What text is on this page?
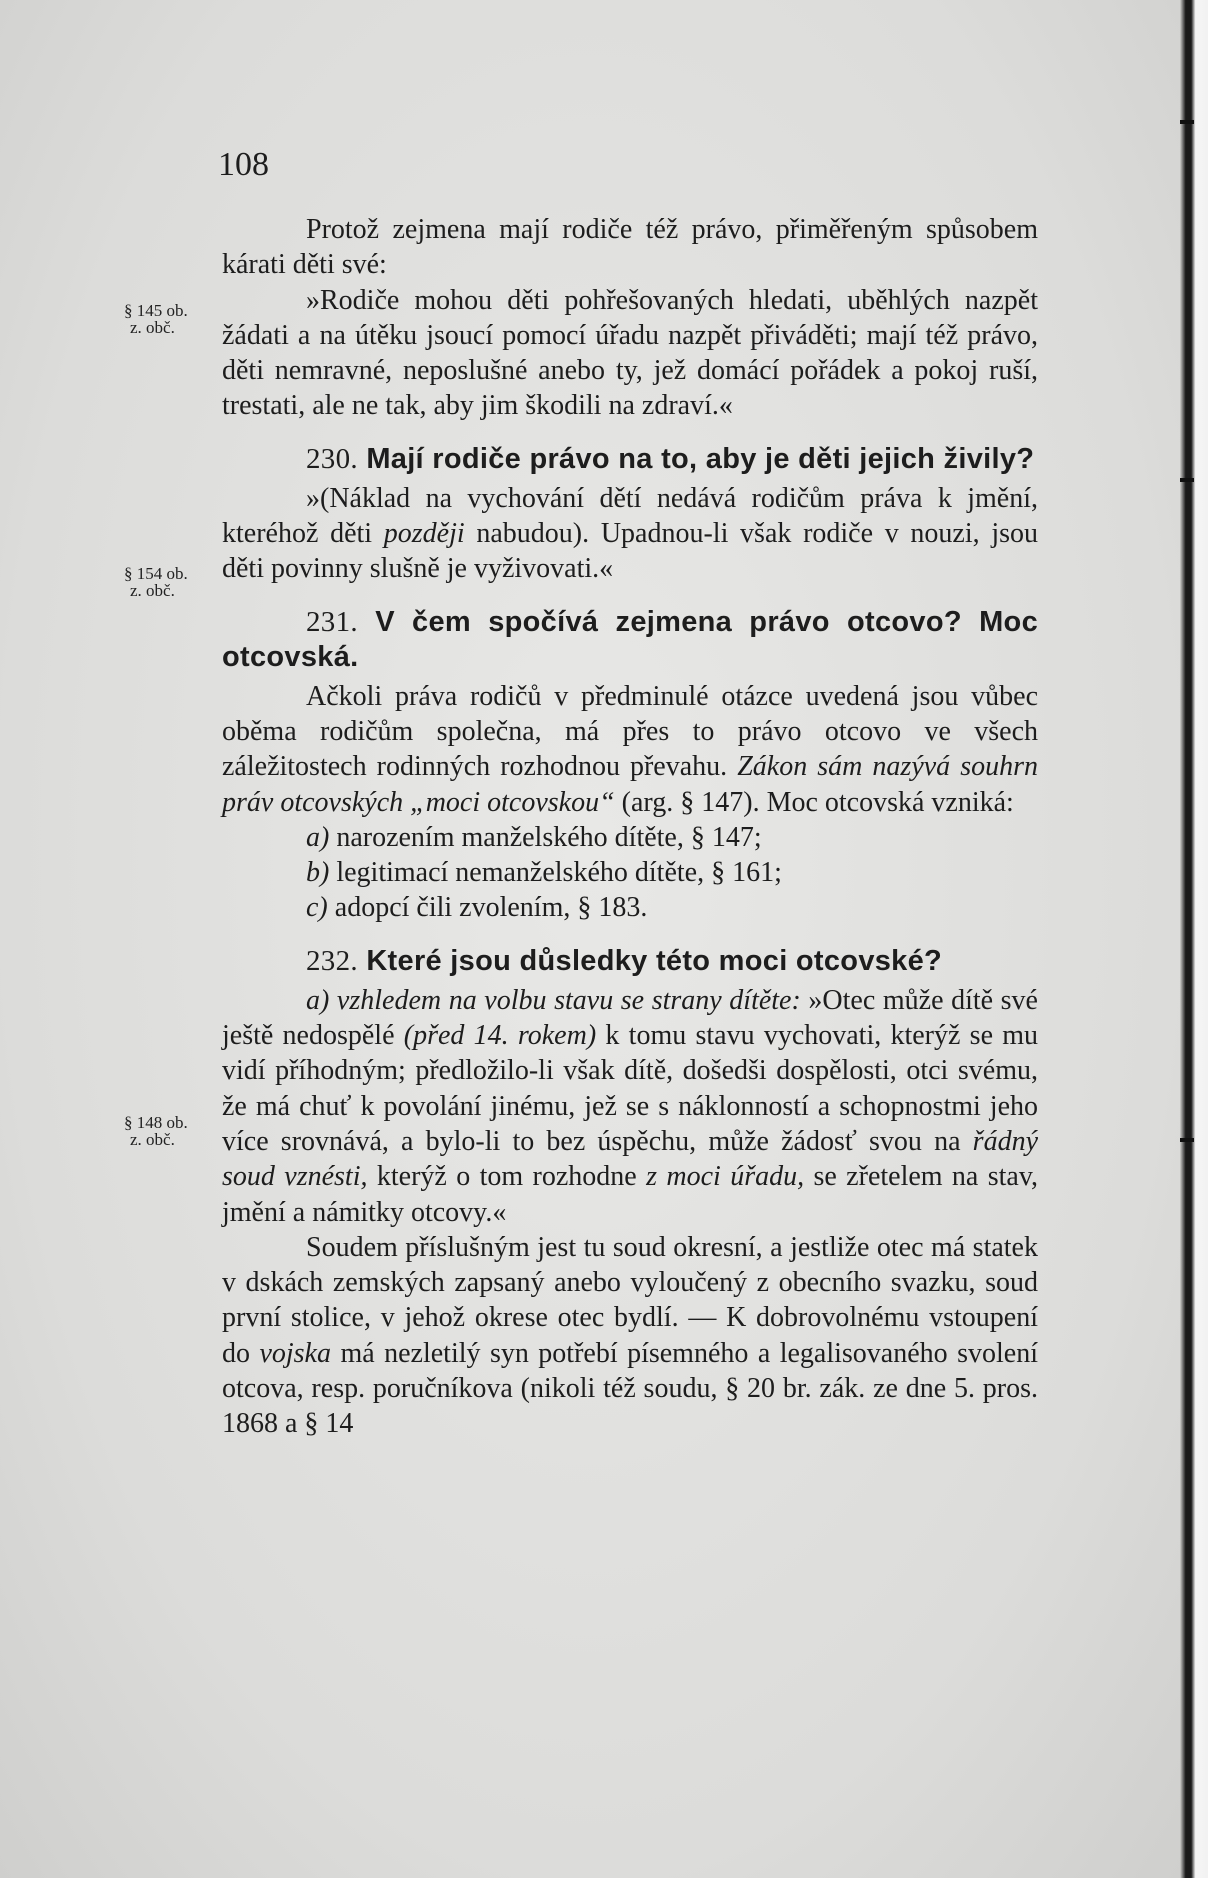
108
§ 145 ob.
z. obč.
§ 154 ob.
z. obč.
§ 148 ob.
z. obč.

Protož zejmena mají rodiče též právo, přiměřeným spůsobem kárati děti své:

»Rodiče mohou děti pohřešovaných hledati, uběhlých nazpět žádati a na útěku jsoucí pomocí úřadu nazpět přiváděti; mají též právo, děti nemravné, neposlušné anebo ty, jež domácí pořádek a pokoj ruší, trestati, ale ne tak, aby jim škodili na zdraví.«

230. Mají rodiče právo na to, aby je děti jejich živily?

»(Náklad na vychování dětí nedává rodičům práva k jmění, kteréhož děti později nabudou). Upadnou-li však rodiče v nouzi, jsou děti povinny slušně je vyživovati.«

231. V čem spočívá zejmena právo otcovo? Moc otcovská.

Ačkoli práva rodičů v předminulé otázce uvedená jsou vůbec oběma rodičům společna, má přes to právo otcovo ve všech záležitostech rodinných rozhodnou převahu. Zákon sám nazývá souhrn práv otcovských „moci otcovskou“ (arg. § 147). Moc otcovská vzniká:

a) narozením manželského dítěte, § 147;

b) legitimací nemanželského dítěte, § 161;

c) adopcí čili zvolením, § 183.

232. Které jsou důsledky této moci otcovské?

a) vzhledem na volbu stavu se strany dítěte: »Otec může dítě své ještě nedospělé (před 14. rokem) k tomu stavu vychovati, kterýž se mu vidí příhodným; předložilo-li však dítě, došedši dospělosti, otci svému, že má chuť k povolání jinému, jež se s náklonností a schopnostmi jeho více srovnává, a bylo-li to bez úspěchu, může žádosť svou na řádný soud vznésti, kterýž o tom rozhodne z moci úřadu, se zřetelem na stav, jmění a námitky otcovy.«

Soudem příslušným jest tu soud okresní, a jestliže otec má statek v dskách zemských zapsaný anebo vyloučený z obecního svazku, soud první stolice, v jehož okrese otec bydlí. — K dobrovolnému vstoupení do vojska má nezletilý syn potřebí písemného a legalisovaného svolení otcova, resp. poručníkova (nikoli též soudu, § 20 br. zák. ze dne 5. pros. 1868 a § 14
